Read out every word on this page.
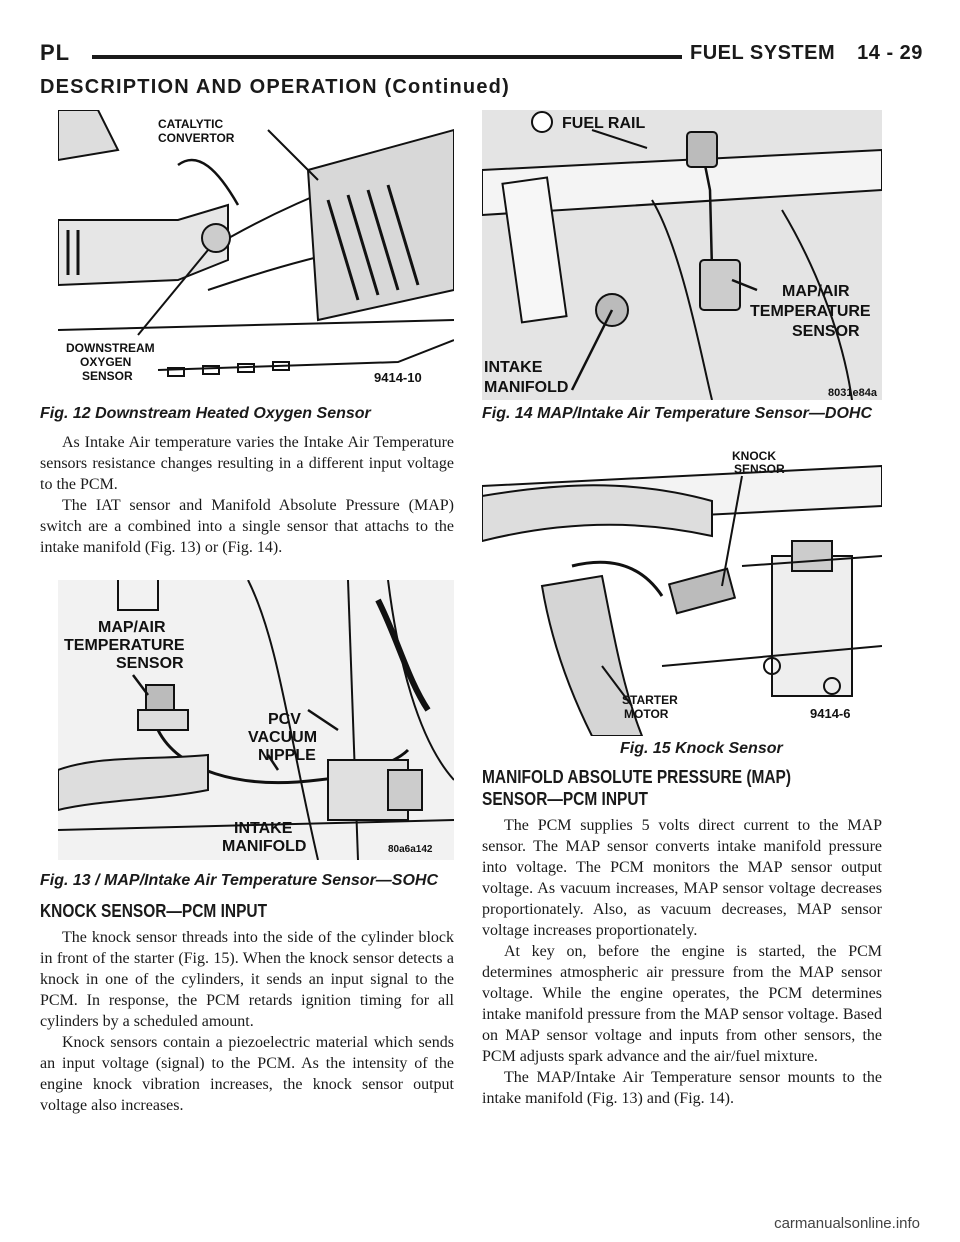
PL	FUEL SYSTEM 14 - 29
DESCRIPTION AND OPERATION (Continued)
CATALYTIC
CONVERTOR
DOWNSTREAM
OXYGEN
SENSOR	9414-10
Fig. 12 Downstream Heated Oxygen Sensor
FUEL RAIL
MAP/AIR
TEMPERATURE
SENSOR
INTAKE
MANIFOLD	8031e84a
Fig. 14 MAP/Intake Air Temperature Sensor—DOHC

As Intake Air temperature varies the Intake Air Temperature sensors resistance changes resulting in a different input voltage to the PCM.

The IAT sensor and Manifold Absolute Pressure (MAP) switch are a combined into a single sensor that attachs to the intake manifold (Fig. 13) or (Fig. 14).

KNOCK
SENSOR
STARTER
MOTOR	9414-6
Fig. 15 Knock Sensor
MAP/AIR
TEMPERATURE
SENSOR
PCV
VACUUM
NIPPLE
INTAKE
MANIFOLD	80a6a142
Fig. 13 / MAP/Intake Air Temperature Sensor—SOHC
KNOCK SENSOR—PCM INPUT

The knock sensor threads into the side of the cylinder block in front of the starter (Fig. 15). When the knock sensor detects a knock in one of the cylinders, it sends an input signal to the PCM. In response, the PCM retards ignition timing for all cylinders by a scheduled amount.

Knock sensors contain a piezoelectric material which sends an input voltage (signal) to the PCM. As the intensity of the engine knock vibration increases, the knock sensor output voltage also increases.

MANIFOLD ABSOLUTE PRESSURE (MAP)
SENSOR—PCM INPUT

The PCM supplies 5 volts direct current to the MAP sensor. The MAP sensor converts intake manifold pressure into voltage. The PCM monitors the MAP sensor output voltage. As vacuum increases, MAP sensor voltage decreases proportionately. Also, as vacuum decreases, MAP sensor voltage increases proportionately.

At key on, before the engine is started, the PCM determines atmospheric air pressure from the MAP sensor voltage. While the engine operates, the PCM determines intake manifold pressure from the MAP sensor voltage. Based on MAP sensor voltage and inputs from other sensors, the PCM adjusts spark advance and the air/fuel mixture.

The MAP/Intake Air Temperature sensor mounts to the intake manifold (Fig. 13) and (Fig. 14).

carmanualsonline.info
